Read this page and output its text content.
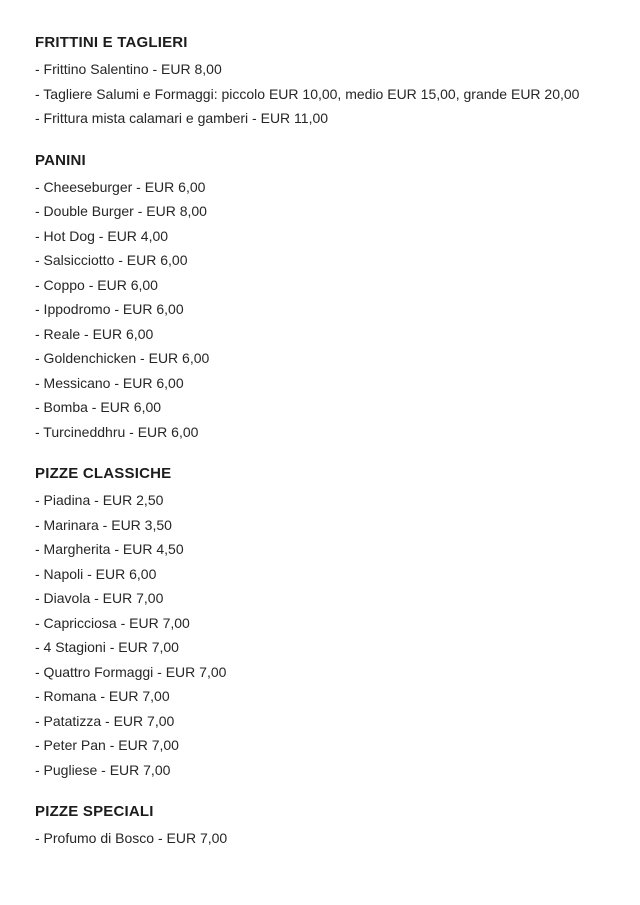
FRITTINI E TAGLIERI
- Frittino Salentino - EUR 8,00
- Tagliere Salumi e Formaggi: piccolo EUR 10,00, medio EUR 15,00, grande EUR 20,00
- Frittura mista calamari e gamberi - EUR 11,00
PANINI
- Cheeseburger - EUR 6,00
- Double Burger - EUR 8,00
- Hot Dog - EUR 4,00
- Salsicciotto - EUR 6,00
- Coppo - EUR 6,00
- Ippodromo - EUR 6,00
- Reale - EUR 6,00
- Goldenchicken - EUR 6,00
- Messicano - EUR 6,00
- Bomba - EUR 6,00
- Turcineddhru - EUR 6,00
PIZZE CLASSICHE
- Piadina - EUR 2,50
- Marinara - EUR 3,50
- Margherita - EUR 4,50
- Napoli - EUR 6,00
- Diavola - EUR 7,00
- Capricciosa - EUR 7,00
- 4 Stagioni - EUR 7,00
- Quattro Formaggi - EUR 7,00
- Romana - EUR 7,00
- Patatizza - EUR 7,00
- Peter Pan - EUR 7,00
- Pugliese - EUR 7,00
PIZZE SPECIALI
- Profumo di Bosco - EUR 7,00
